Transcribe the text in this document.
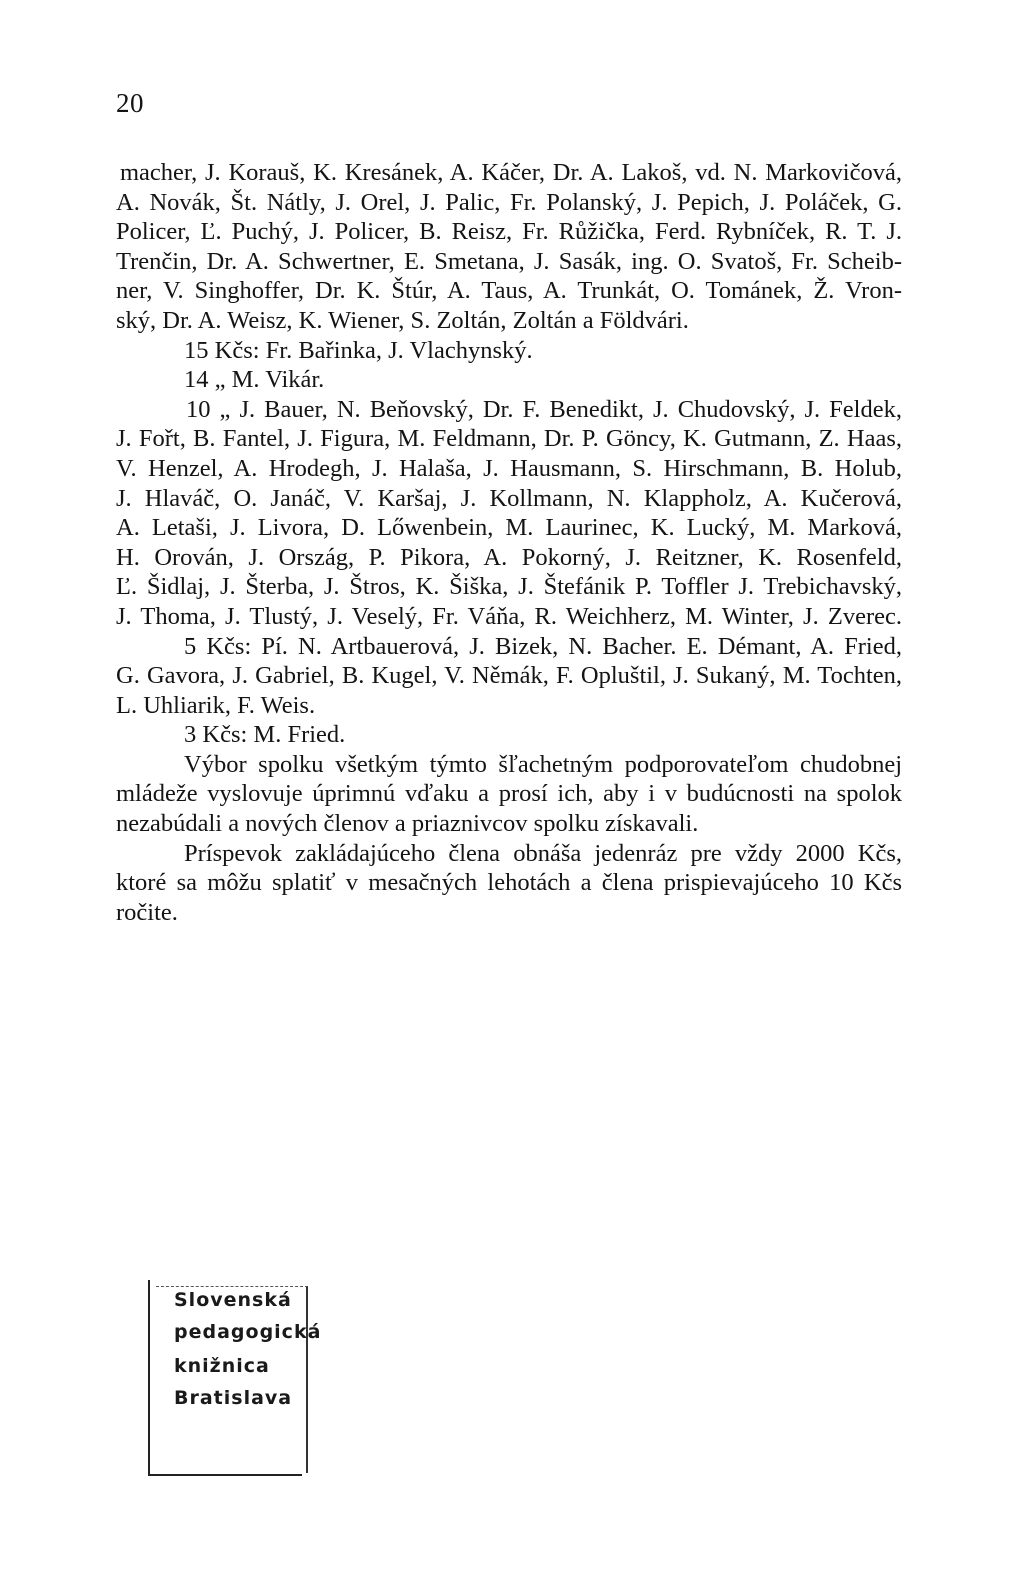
20
macher, J. Korauš, K. Kresánek, A. Káčer, Dr. A. Lakoš, vd. N. Markovičová,
A. Novák, Št. Nátly, J. Orel, J. Palic, Fr. Polanský, J. Pepich, J. Poláček, G.
Policer, Ľ. Puchý, J. Policer, B. Reisz, Fr. Růžička, Ferd. Rybníček, R. T. J.
Trenčin, Dr. A. Schwertner, E. Smetana, J. Sasák, ing. O. Svatoš, Fr. Scheib-
ner, V. Singhoffer, Dr. K. Štúr, A. Taus, A. Trunkát, O. Tománek, Ž. Vron-
ský, Dr. A. Weisz, K. Wiener, S. Zoltán, Zoltán a Földvári.
15 Kčs: Fr. Bařinka, J. Vlachynský.
14 „ M. Vikár.
10 „ J. Bauer, N. Beňovský, Dr. F. Benedikt, J. Chudovský, J. Feldek,
J. Fořt, B. Fantel, J. Figura, M. Feldmann, Dr. P. Göncy, K. Gutmann, Z. Haas,
V. Henzel, A. Hrodegh, J. Halaša, J. Hausmann, S. Hirschmann, B. Holub,
J. Hlaváč, O. Janáč, V. Karšaj, J. Kollmann, N. Klappholz, A. Kučerová,
A. Letaši, J. Livora, D. Lőwenbein, M. Laurinec, K. Lucký, M. Marková,
H. Orován, J. Ország, P. Pikora, A. Pokorný, J. Reitzner, K. Rosenfeld,
Ľ. Šidlaj, J. Šterba, J. Štros, K. Šiška, J. Štefánik P. Toffler J. Trebichavský,
J. Thoma, J. Tlustý, J. Veselý, Fr. Váňa, R. Weichherz, M. Winter, J. Zverec.
5 Kčs: Pí. N. Artbauerová, J. Bizek, N. Bacher. E. Démant, A. Fried,
G. Gavora, J. Gabriel, B. Kugel, V. Němák, F. Opluštil, J. Sukaný, M. Tochten,
L. Uhliarik, F. Weis.
3 Kčs: M. Fried.
Výbor spolku všetkým týmto šľachetným podporovateľom chudobnej
mládeže vyslovuje úprimnú vďaku a prosí ich, aby i v budúcnosti na spolok
nezabúdali a nových členov a priaznivcov spolku získavali.
Príspevok zakládajúceho člena obnáša jedenráz pre vždy 2000 Kčs,
ktoré sa môžu splatiť v mesačných lehotách a člena prispievajúceho 10 Kčs
ročite.
Slovenská
pedagogická
knižnica
Bratislava
